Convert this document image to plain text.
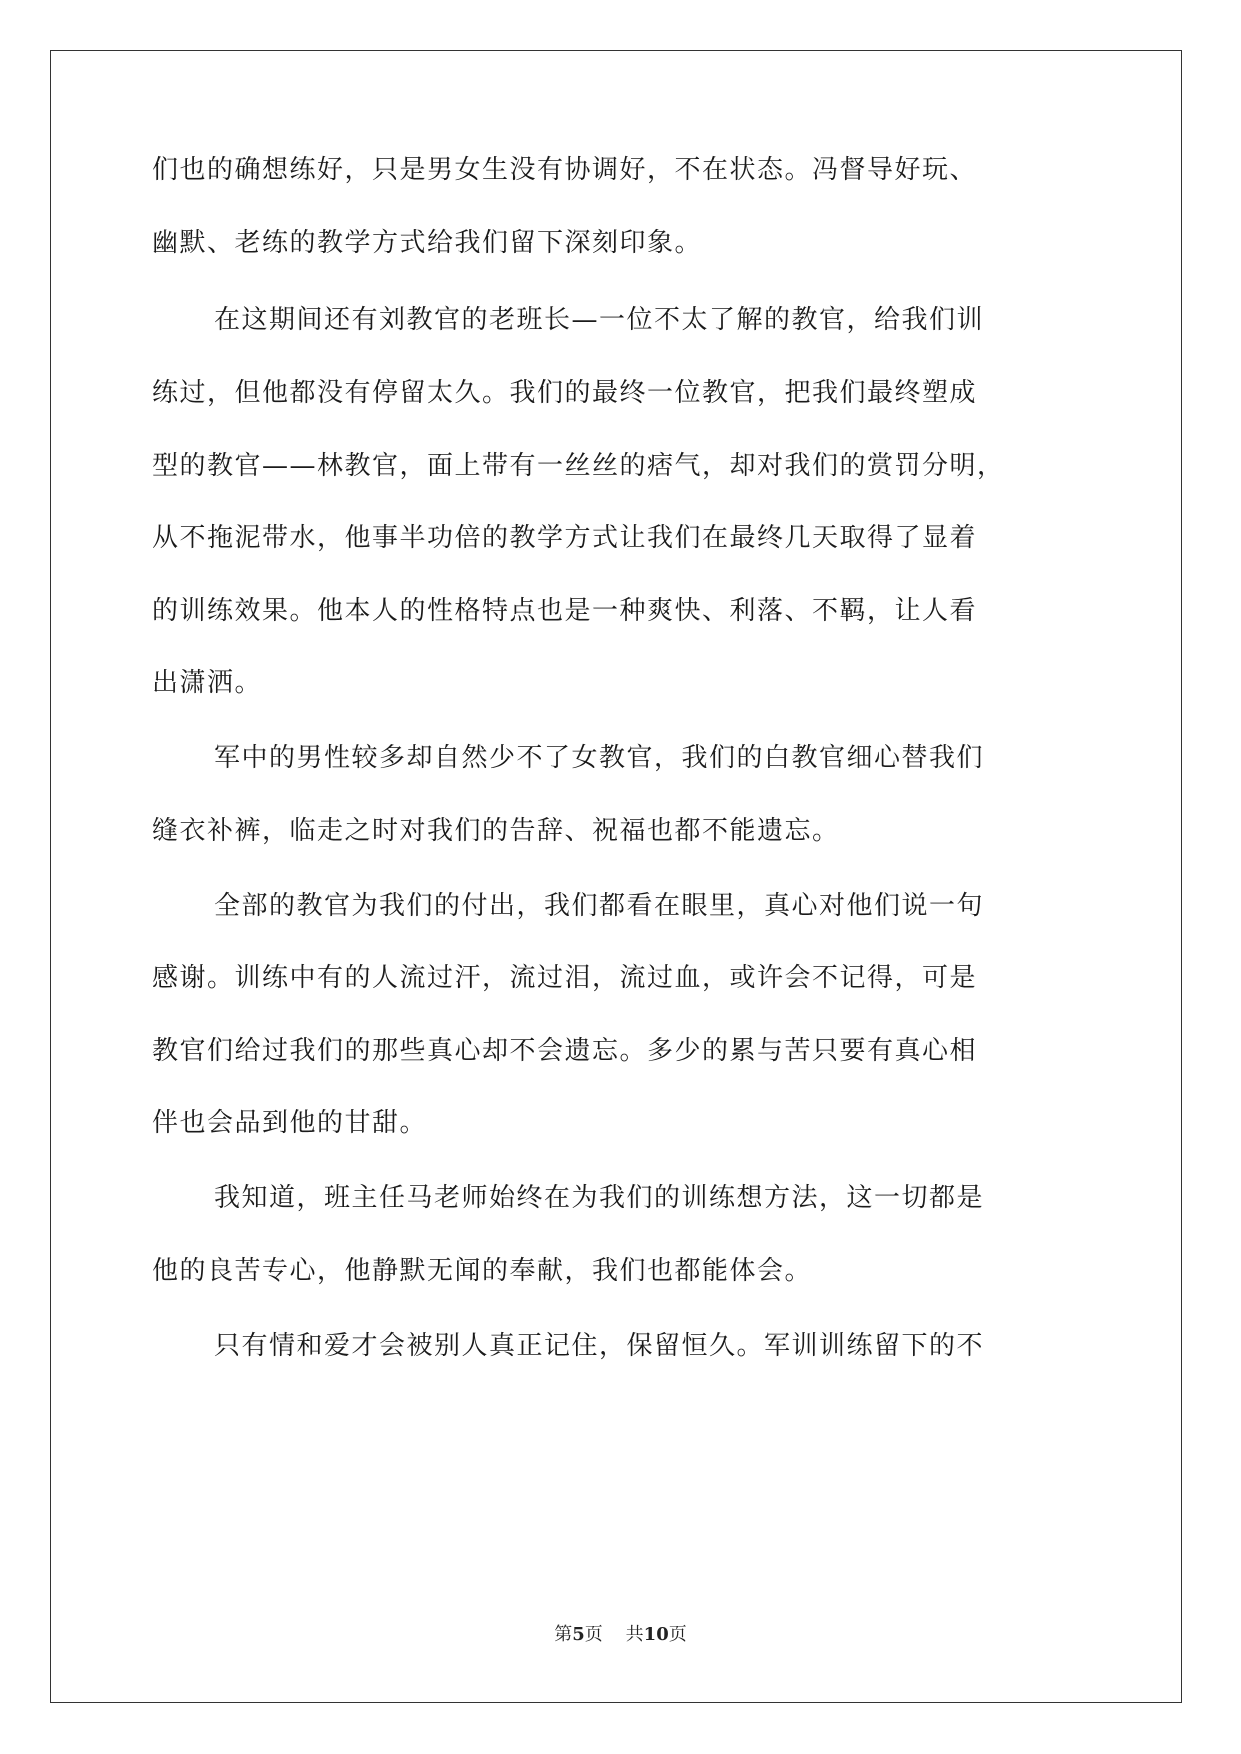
们也的确想练好，只是男女生没有协调好，不在状态。冯督导好玩、
幽默、老练的教学方式给我们留下深刻印象。
在这期间还有刘教官的老班长—一位不太了解的教官，给我们训
练过，但他都没有停留太久。我们的最终一位教官，把我们最终塑成
型的教官——林教官，面上带有一丝丝的痞气，却对我们的赏罚分明，
从不拖泥带水，他事半功倍的教学方式让我们在最终几天取得了显着
的训练效果。他本人的性格特点也是一种爽快、利落、不羁，让人看
出潇洒。
军中的男性较多却自然少不了女教官，我们的白教官细心替我们
缝衣补裤，临走之时对我们的告辞、祝福也都不能遗忘。
全部的教官为我们的付出，我们都看在眼里，真心对他们说一句
感谢。训练中有的人流过汗，流过泪，流过血，或许会不记得，可是
教官们给过我们的那些真心却不会遗忘。多少的累与苦只要有真心相
伴也会品到他的甘甜。
我知道，班主任马老师始终在为我们的训练想方法，这一切都是
他的良苦专心，他静默无闻的奉献，我们也都能体会。
只有情和爱才会被别人真正记住，保留恒久。军训训练留下的不
第5页 共10页
